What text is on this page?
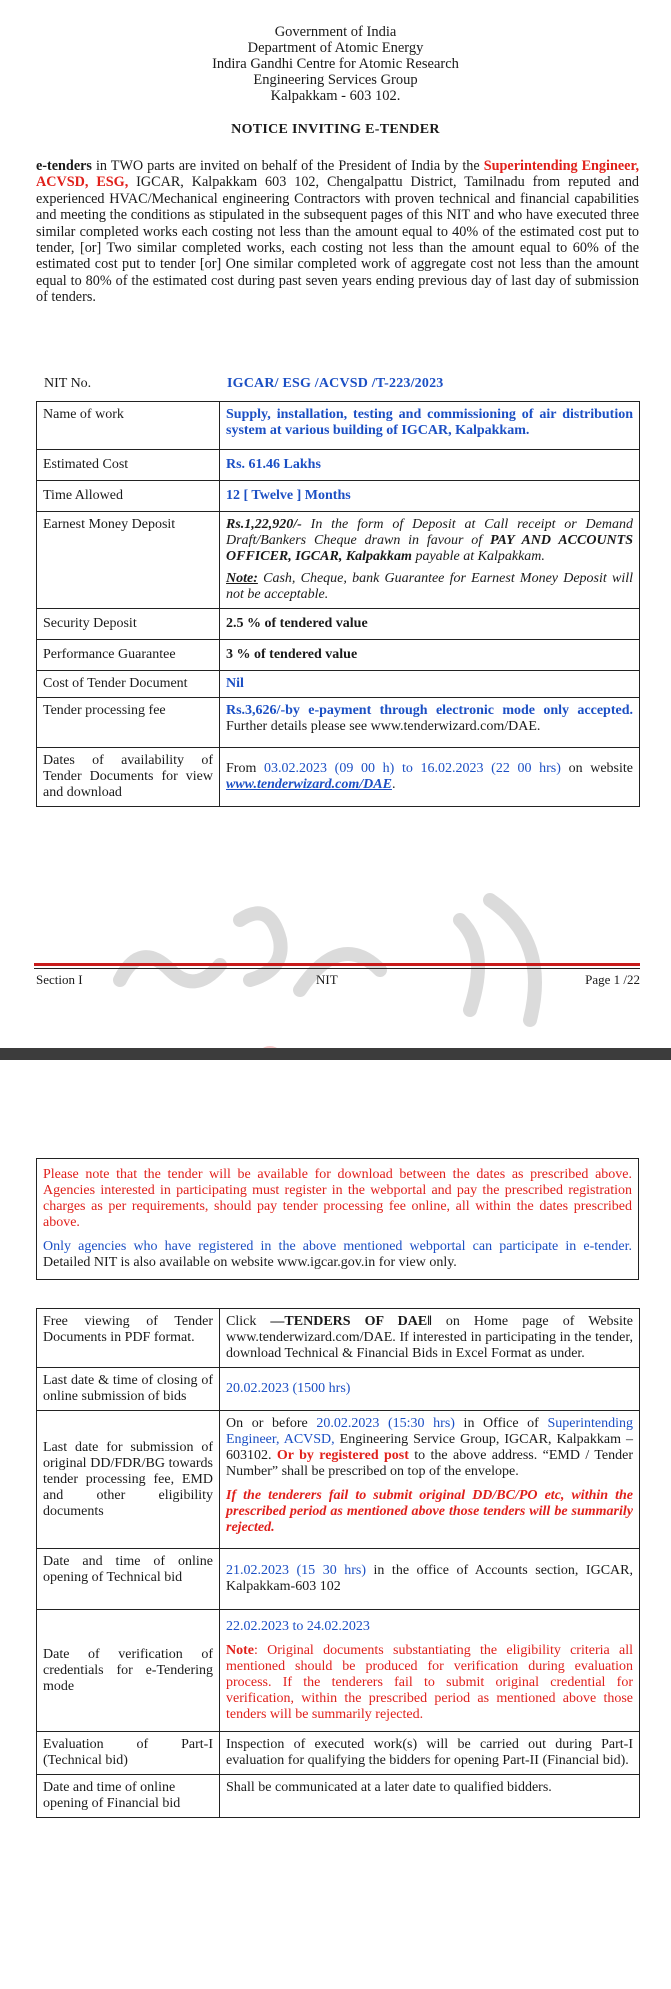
Government of India
Department of Atomic Energy
Indira Gandhi Centre for Atomic Research
Engineering Services Group
Kalpakkam - 603 102.
NOTICE INVITING E-TENDER
e-tenders in TWO parts are invited on behalf of the President of India by the Superintending Engineer, ACVSD, ESG, IGCAR, Kalpakkam 603 102, Chengalpattu District, Tamilnadu from reputed and experienced HVAC/Mechanical engineering Contractors with proven technical and financial capabilities and meeting the conditions as stipulated in the subsequent pages of this NIT and who have executed three similar completed works each costing not less than the amount equal to 40% of the estimated cost put to tender, [or] Two similar completed works, each costing not less than the amount equal to 60% of the estimated cost put to tender [or] One similar completed work of aggregate cost not less than the amount equal to 80% of the estimated cost during past seven years ending previous day of last day of submission of tenders.
NIT No.	IGCAR/ ESG /ACVSD /T-223/2023
Name of work	Supply, installation, testing and commissioning of air distribution system at various building of IGCAR, Kalpakkam.
Estimated Cost	Rs. 61.46 Lakhs
Time Allowed	12 [ Twelve ] Months
Earnest Money Deposit	Rs.1,22,920/- In the form of Deposit at Call receipt or Demand Draft/Bankers Cheque drawn in favour of PAY AND ACCOUNTS OFFICER, IGCAR, Kalpakkam payable at Kalpakkam.
Note: Cash, Cheque, bank Guarantee for Earnest Money Deposit will not be acceptable.

Security Deposit	2.5 % of tendered value
Performance Guarantee	3 % of tendered value
Cost of Tender Document	Nil
Tender processing fee	Rs.3,626/-by e-payment through electronic mode only accepted. Further details please see www.tenderwizard.com/DAE.
Dates of availability of Tender Documents for view and download	From 03.02.2023 (09 00 h) to 16.02.2023 (22 00 hrs) on website www.tenderwizard.com/DAE.
Section I	NIT	Page 1 /22

Please note that the tender will be available for download between the dates as prescribed above. Agencies interested in participating must register in the webportal and pay the prescribed registration charges as per requirements, should pay tender processing fee online, all within the dates prescribed above.

Only agencies who have registered in the above mentioned webportal can participate in e-tender. Detailed NIT is also available on website www.igcar.gov.in for view only.

Free viewing of Tender Documents in PDF format.	Click ―TENDERS OF DAE‖ on Home page of Website www.tenderwizard.com/DAE. If interested in participating in the tender, download Technical & Financial Bids in Excel Format as under.
Last date & time of closing of online submission of bids	20.02.2023 (1500 hrs)
Last date for submission of original DD/FDR/BG towards tender processing fee, EMD and other eligibility documents	On or before 20.02.2023 (15:30 hrs) in Office of Superintending Engineer, ACVSD, Engineering Service Group, IGCAR, Kalpakkam – 603102. Or by registered post to the above address. “EMD / Tender Number” shall be prescribed on top of the envelope.
If the tenderers fail to submit original DD/BC/PO etc, within the prescribed period as mentioned above those tenders will be summarily rejected.

Date and time of online opening of Technical bid	21.02.2023 (15 30 hrs) in the office of Accounts section, IGCAR, Kalpakkam-603 102
Date of verification of credentials for e-Tendering mode	22.02.2023 to 24.02.2023
Note: Original documents substantiating the eligibility criteria all mentioned should be produced for verification during evaluation process. If the tenderers fail to submit original credential for verification, within the prescribed period as mentioned above those tenders will be summarily rejected.

Evaluation of Part-I (Technical bid)	Inspection of executed work(s) will be carried out during Part-I evaluation for qualifying the bidders for opening Part-II (Financial bid).
Date and time of online opening of Financial bid	Shall be communicated at a later date to qualified bidders.
